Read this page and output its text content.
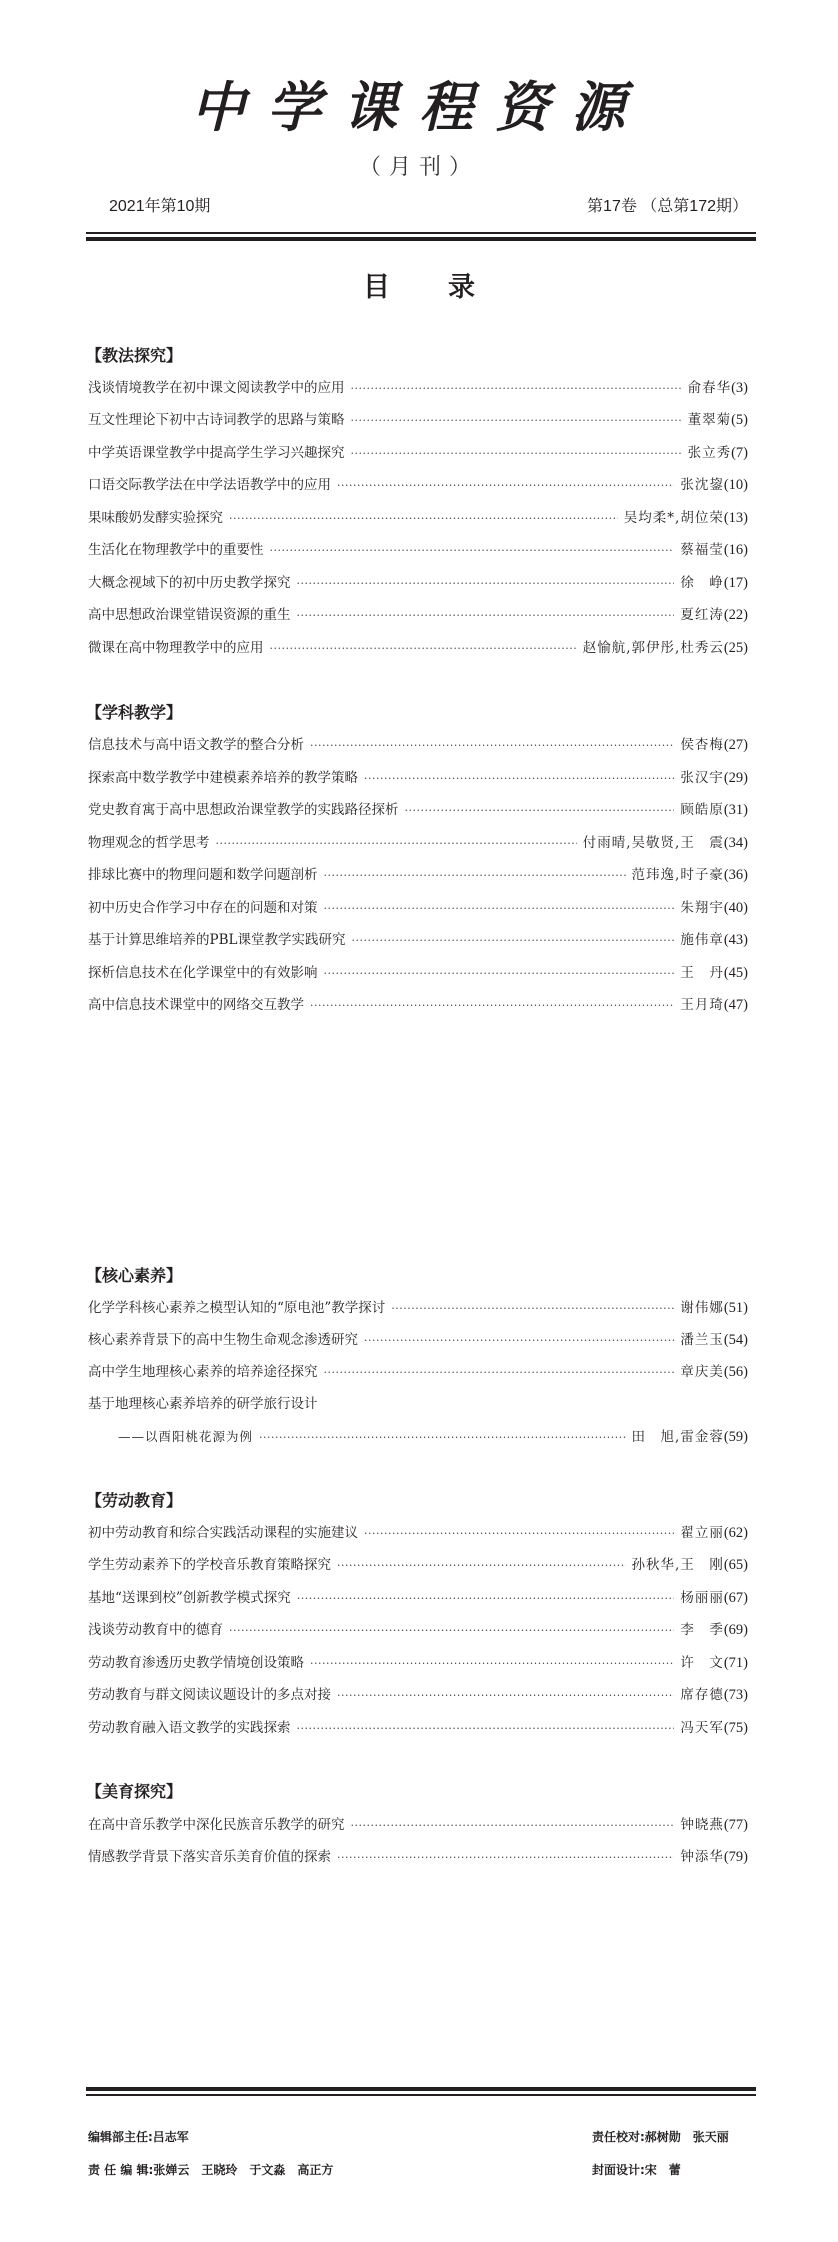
中学课程资源
（月刊）
2021年第10期	第17卷 （总第172期）
目录
【教法探究】
浅谈情境教学在初中课文阅读教学中的应用 ·····	俞春华 (3)
互文性理论下初中古诗词教学的思路与策略 ·····	董翠菊 (5)
中学英语课堂教学中提高学生学习兴趣探究 ·····	张立秀 (7)
口语交际教学法在中学法语教学中的应用 ·····	张沈鋆 (10)
果味酸奶发酵实验探究 ·····	吴均柔*,胡位荣 (13)
生活化在物理教学中的重要性 ·····	蔡福莹 (16)
大概念视域下的初中历史教学探究 ·····	徐　峥 (17)
高中思想政治课堂错误资源的重生 ·····	夏红涛 (22)
微课在高中物理教学中的应用 ·····	赵愉航,郭伊彤,杜秀云 (25)
【学科教学】
信息技术与高中语文教学的整合分析 ·····	侯杏梅 (27)
探索高中数学教学中建模素养培养的教学策略 ·····	张汉宇 (29)
党史教育寓于高中思想政治课堂教学的实践路径探析 ·····	顾皓原 (31)
物理观念的哲学思考 ·····	付雨晴,吴敬贤,王　震 (34)
排球比赛中的物理问题和数学问题剖析 ·····	范玮逸,时子豪 (36)
初中历史合作学习中存在的问题和对策 ·····	朱翔宇 (40)
基于计算思维培养的PBL课堂教学实践研究 ·····	施伟章 (43)
探析信息技术在化学课堂中的有效影响 ·····	王　丹 (45)
高中信息技术课堂中的网络交互教学 ·····	王月琦 (47)
【核心素养】
化学学科核心素养之模型认知的“原电池”教学探讨 ·····	谢伟娜 (51)
核心素养背景下的高中生物生命观念渗透研究 ·····	潘兰玉 (54)
高中学生地理核心素养的培养途径探究 ·····	章庆美 (56)
基于地理核心素养培养的研学旅行设计
——以酉阳桃花源为例 ·····	田　旭,雷金蓉 (59)
【劳动教育】
初中劳动教育和综合实践活动课程的实施建议 ·····	翟立丽 (62)
学生劳动素养下的学校音乐教育策略探究 ·····	孙秋华,王　刚 (65)
基地“送课到校”创新教学模式探究 ·····	杨丽丽 (67)
浅谈劳动教育中的德育 ·····	李　季 (69)
劳动教育渗透历史教学情境创设策略 ·····	许　文 (71)
劳动教育与群文阅读议题设计的多点对接 ·····	席存德 (73)
劳动教育融入语文教学的实践探索 ·····	冯天军 (75)
【美育探究】
在高中音乐教学中深化民族音乐教学的研究 ·····	钟晓燕 (77)
情感教学背景下落实音乐美育价值的探索 ·····	钟添华 (79)
编辑部主任:吕志军
责 任 编 辑:张婵云　王晓玲　于文淼　高正方
责任校对:郝树勋　张天丽
封面设计:宋　蕾
